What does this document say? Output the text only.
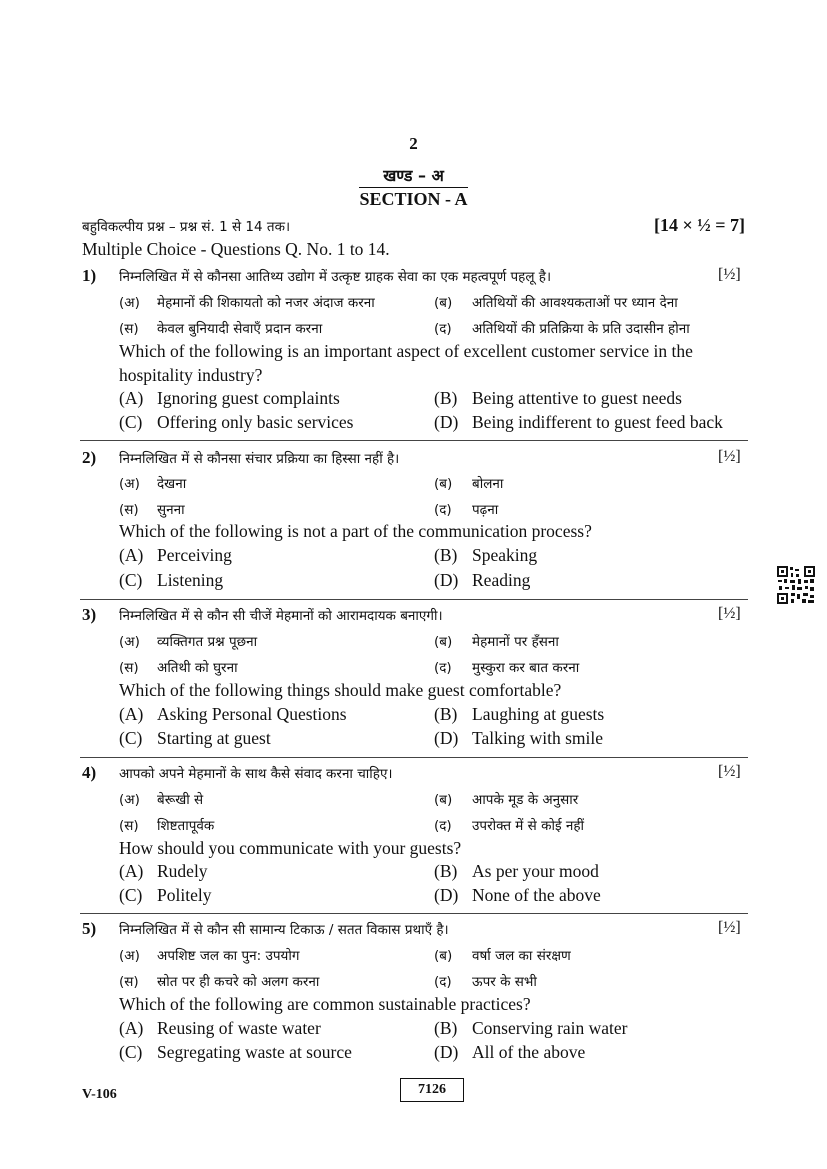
2
खण्ड – अ
SECTION - A
बहुविकल्पीय प्रश्न – प्रश्न सं. 1 से 14 तक।	[14 × ½ = 7]
Multiple Choice - Questions Q. No. 1 to 14.
1) निम्नलिखित में से कौनसा आतिथ्य उद्योग में उत्कृष्ट ग्राहक सेवा का एक महत्वपूर्ण पहलू है।	[½]
(अ) मेहमानों की शिकायतो को नजर अंदाज करना	(ब) अतिथियों की आवश्यकताओं पर ध्यान देना
(स) केवल बुनियादी सेवाएँ प्रदान करना	(द) अतिथियों की प्रतिक्रिया के प्रति उदासीन होना
Which of the following is an important aspect of excellent customer service in the
hospitality industry?
(A) Ignoring guest complaints	(B) Being attentive to guest needs
(C) Offering only basic services	(D) Being indifferent to guest feed back
2) निम्नलिखित में से कौनसा संचार प्रक्रिया का हिस्सा नहीं है।	[½]
(अ) देखना	(ब) बोलना
(स) सुनना	(द) पढ़ना
Which of the following is not a part of the communication process?
(A) Perceiving	(B) Speaking
(C) Listening	(D) Reading
3) निम्नलिखित में से कौन सी चीजें मेहमानों को आरामदायक बनाएगी।	[½]
(अ) व्यक्तिगत प्रश्न पूछना	(ब) मेहमानों पर हँसना
(स) अतिथी को घुरना	(द) मुस्कुरा कर बात करना
Which of the following things should make guest comfortable?
(A) Asking Personal Questions	(B) Laughing at guests
(C) Starting at guest	(D) Talking with smile
4) आपको अपने मेहमानों के साथ कैसे संवाद करना चाहिए।	[½]
(अ) बेरूखी से	(ब) आपके मूड के अनुसार
(स) शिष्टतापूर्वक	(द) उपरोक्त में से कोई नहीं
How should you communicate with your guests?
(A) Rudely	(B) As per your mood
(C) Politely	(D) None of the above
5) निम्नलिखित में से कौन सी सामान्य टिकाऊ / सतत विकास प्रथाएँ है।	[½]
(अ) अपशिष्ट जल का पुन: उपयोग	(ब) वर्षा जल का संरक्षण
(स) स्रोत पर ही कचरे को अलग करना	(द) ऊपर के सभी
Which of the following are common sustainable practices?
(A) Reusing of waste water	(B) Conserving rain water
(C) Segregating waste at source	(D) All of the above
V-106	7126
